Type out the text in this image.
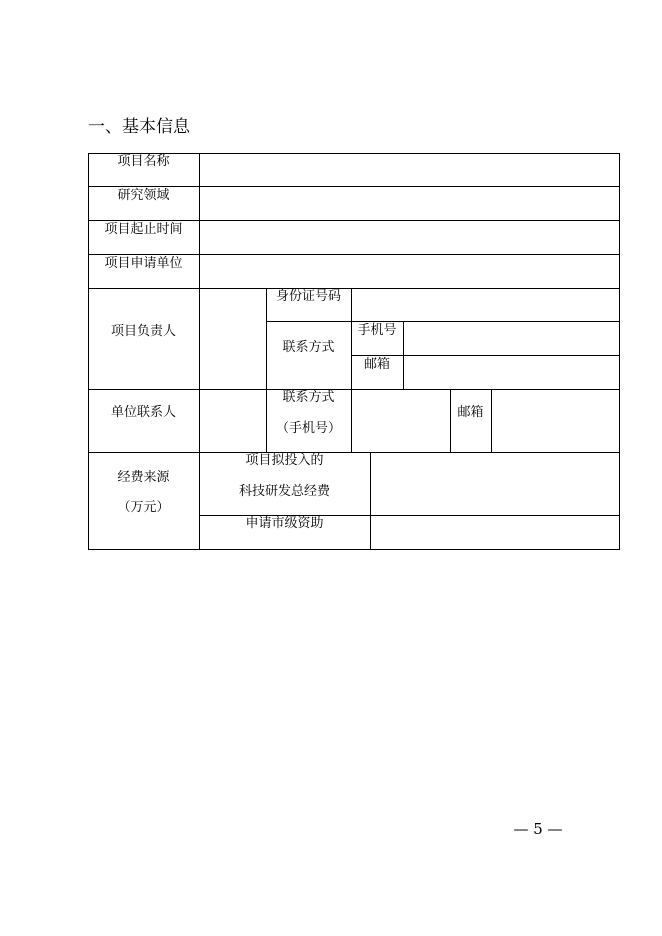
一、基本信息
项目名称
研究领域
项目起止时间
项目申请单位
项目负责人
身份证号码
联系方式
手机号
邮箱
单位联系人
联系方式
（手机号）
邮箱
经费来源
（万元）
项目拟投入的
科技研发总经费
申请市级资助
— 5 —
